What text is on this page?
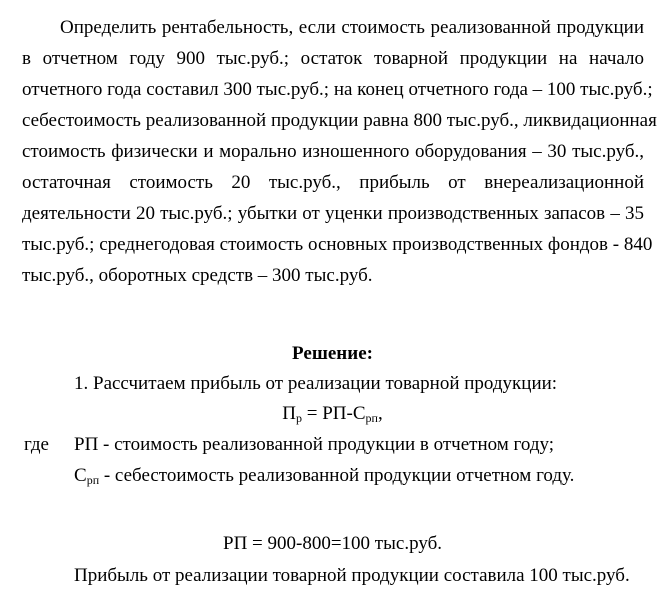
Определить рентабельность, если стоимость реализованной продукции
в отчетном году 900 тыс.руб.; остаток товарной продукции на начало
отчетного года составил 300 тыс.руб.; на конец отчетного года – 100 тыс.руб.;
себестоимость реализованной продукции равна 800 тыс.руб., ликвидационная
стоимость физически и морально изношенного оборудования – 30 тыс.руб.,
остаточная стоимость 20 тыс.руб., прибыль от внереализационной
деятельности 20 тыс.руб.; убытки от уценки производственных запасов – 35
тыс.руб.; среднегодовая стоимость основных производственных фондов - 840
тыс.руб., оборотных средств – 300 тыс.руб.
Решение:
1. Рассчитаем прибыль от реализации товарной продукции:
$П_р = РП-С_{рп}$,
где РП - стоимость реализованной продукции в отчетном году;
$С_{рп}$ - себестоимость реализованной продукции отчетном году.
РП = 900-800=100 тыс.руб.
Прибыль от реализации товарной продукции составила 100 тыс.руб.
